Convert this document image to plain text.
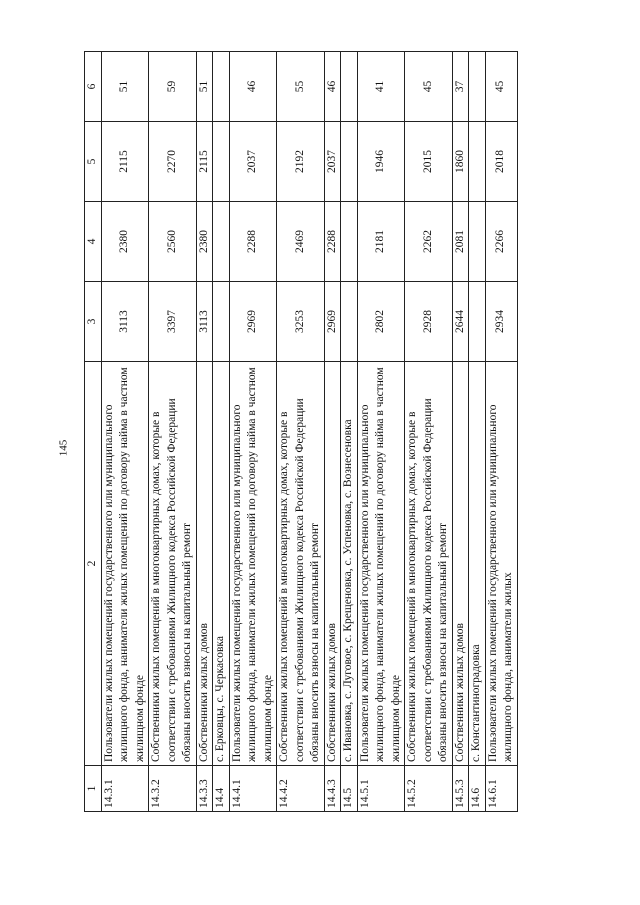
145
1	2	3	4	5	6
14.3.1	Пользователи жилых помещений государственного или муниципального жилищного фонда, наниматели жилых помещений по договору найма в частном жилищном фонде	3113	2380	2115	51
14.3.2	Собственники жилых помещений в многоквартирных домах, которые в соответствии с требованиями Жилищного кодекса Российской Федерации обязаны вносить взносы на капитальный ремонт	3397	2560	2270	59
14.3.3	Собственники жилых домов	3113	2380	2115	51
14.4	с. Ерковцы, с. Черкасовка				
14.4.1	Пользователи жилых помещений государственного или муниципального жилищного фонда, наниматели жилых помещений по договору найма в частном жилищном фонде	2969	2288	2037	46
14.4.2	Собственники жилых помещений в многоквартирных домах, которые в соответствии с требованиями Жилищного кодекса Российской Федерации обязаны вносить взносы на капитальный ремонт	3253	2469	2192	55
14.4.3	Собственники жилых домов	2969	2288	2037	46
14.5	с. Ивановка, с. Луговое, с. Крещеновка, с. Успеновка, с. Вознесеновка				
14.5.1	Пользователи жилых помещений государственного или муниципального жилищного фонда, наниматели жилых помещений по договору найма в частном жилищном фонде	2802	2181	1946	41
14.5.2	Собственники жилых помещений в многоквартирных домах, которые в соответствии с требованиями Жилищного кодекса Российской Федерации обязаны вносить взносы на капитальный ремонт	2928	2262	2015	45
14.5.3	Собственники жилых домов	2644	2081	1860	37
14.6	с. Константиноградовка				
14.6.1	Пользователи жилых помещений государственного или муниципального жилищного фонда, наниматели жилых	2934	2266	2018	45
